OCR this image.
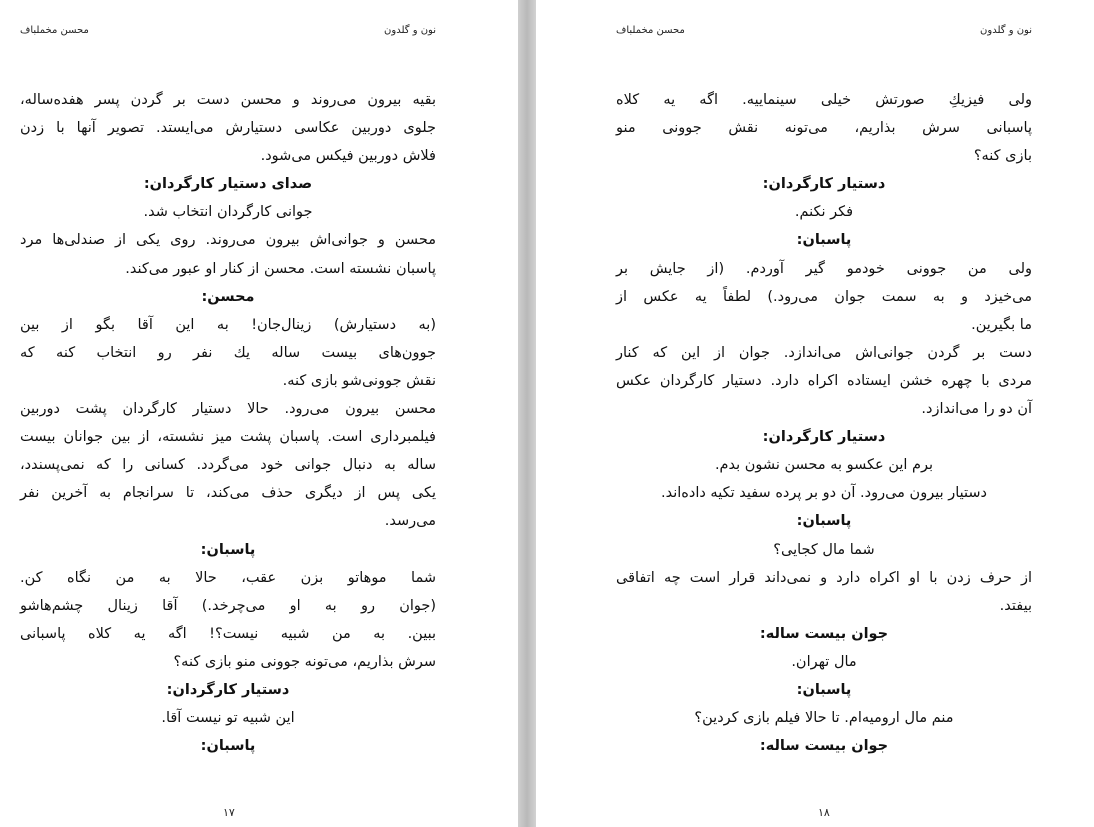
محسن مخملباف	نون و گلدون
بقیه بیرون می‌روند و محسن دست بر گردن پسر هفده‌ساله،
جلوی دوربین عکاسی دستیارش می‌ایستد. تصویر آنها با زدن
فلاش دوربین فیکس می‌شود.
صدای دستیار کارگردان:
جوانی کارگردان انتخاب شد.
محسن و جوانی‌اش بیرون می‌روند. روی یکی از صندلی‌ها مرد
پاسبان نشسته است. محسن از کنار او عبور می‌کند.
محسن:
(به دستیارش) زینال‌جان! به این آقا بگو از بین
جوون‌های بیست ساله یك نفر رو انتخاب کنه که
نقش جوونی‌شو بازی کنه.
محسن بیرون می‌رود. حالا دستیار کارگردان پشت دوربین
فیلمبرداری است. پاسبان پشت میز نشسته، از بین جوانان بیست
ساله به دنبال جوانی خود می‌گردد. کسانی را که نمی‌پسندد،
یکی پس از دیگری حذف می‌کند، تا سرانجام به آخرین نفر
می‌رسد.
پاسبان:
شما موهاتو بزن عقب، حالا به من نگاه کن.
(جوان رو به او می‌چرخد.) آقا زینال چشم‌هاشو
ببین. به من شبیه نیست؟! اگه یه کلاه پاسبانی
سرش بذاریم، می‌تونه جوونی منو بازی کنه؟
دستیار کارگردان:
این شبیه تو نیست آقا.
پاسبان:
۱۷
محسن مخملباف	نون و گلدون
ولی فیزیكِ صورتش خیلی سینماییه. اگه یه کلاه
پاسبانی سرش بذاریم، می‌تونه نقش جوونی منو
بازی کنه؟
دستیار کارگردان:
فکر نکنم.
پاسبان:
ولی من جوونی خودمو گیر آوردم. (از جایش بر
می‌خیزد و به سمت جوان می‌رود.) لطفاً یه عکس از
ما بگیرین.
دست بر گردن جوانی‌اش می‌اندازد. جوان از این که کنار
مردی با چهره خشن ایستاده اکراه دارد. دستیار کارگردان عکس
آن دو را می‌اندازد.
دستیار کارگردان:
برم این عکسو به محسن نشون بدم.
دستیار بیرون می‌رود. آن دو بر پرده سفید تکیه داده‌اند.
پاسبان:
شما مال کجایی؟
از حرف زدن با او اکراه دارد و نمی‌داند قرار است چه اتفاقی
بیفتد.
جوان بیست ساله:
مال تهران.
پاسبان:
منم مال ارومیه‌ام. تا حالا فیلم بازی کردین؟
جوان بیست ساله:
۱۸
